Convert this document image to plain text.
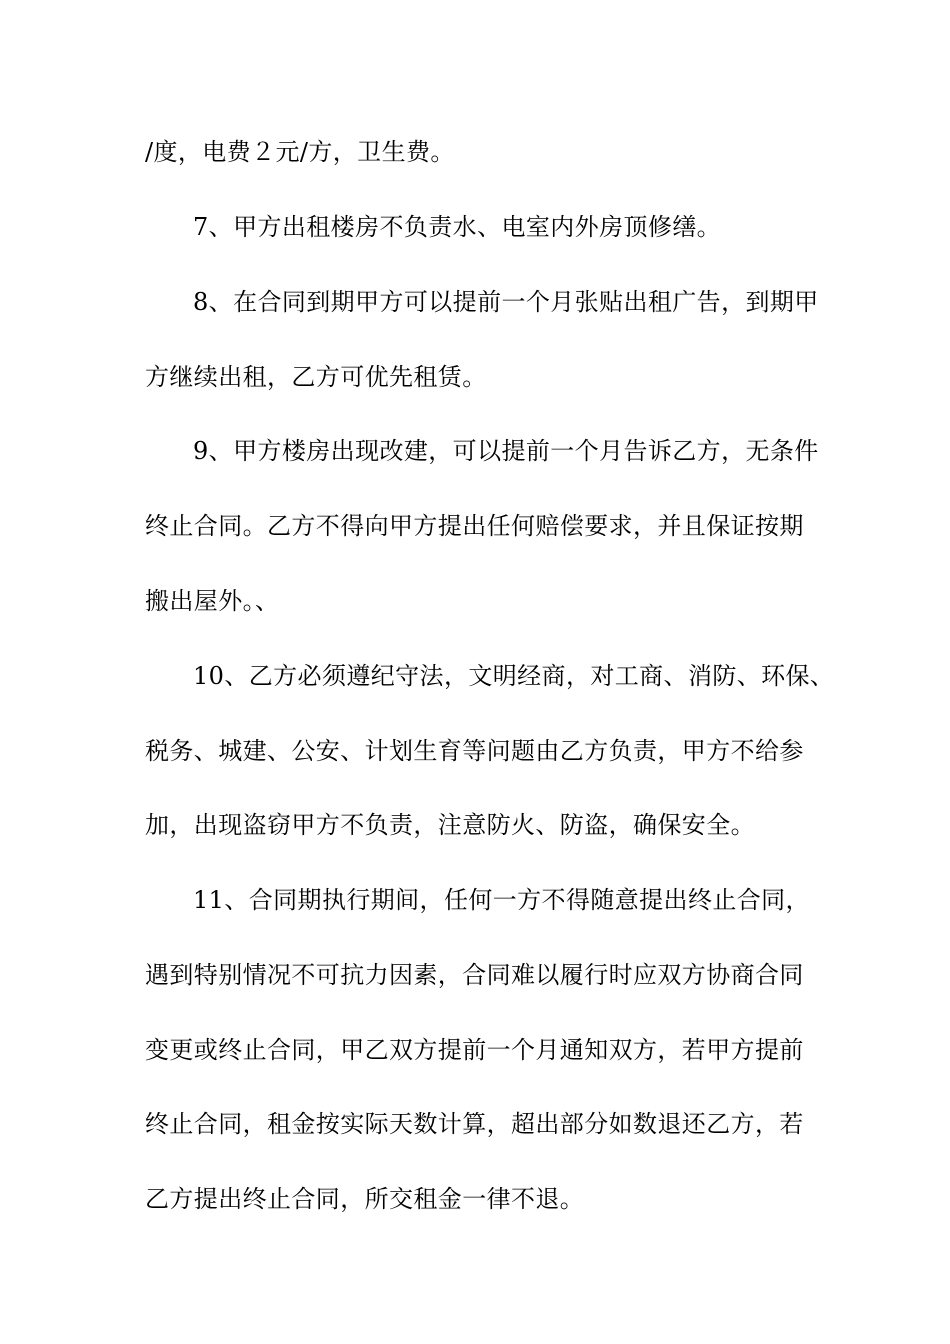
/度，电费２元/方，卫生费。
7、甲方出租楼房不负责水、电室内外房顶修缮。
8、在合同到期甲方可以提前一个月张贴出租广告，到期甲
方继续出租，乙方可优先租赁。
9、甲方楼房出现改建，可以提前一个月告诉乙方，无条件
终止合同。乙方不得向甲方提出任何赔偿要求，并且保证按期
搬出屋外。、
10、乙方必须遵纪守法，文明经商，对工商、消防、环保、
税务、城建、公安、计划生育等问题由乙方负责，甲方不给参
加，出现盗窃甲方不负责，注意防火、防盗，确保安全。
11、合同期执行期间，任何一方不得随意提出终止合同，
遇到特别情况不可抗力因素，合同难以履行时应双方协商合同
变更或终止合同，甲乙双方提前一个月通知双方，若甲方提前
终止合同，租金按实际天数计算，超出部分如数退还乙方，若
乙方提出终止合同，所交租金一律不退。
